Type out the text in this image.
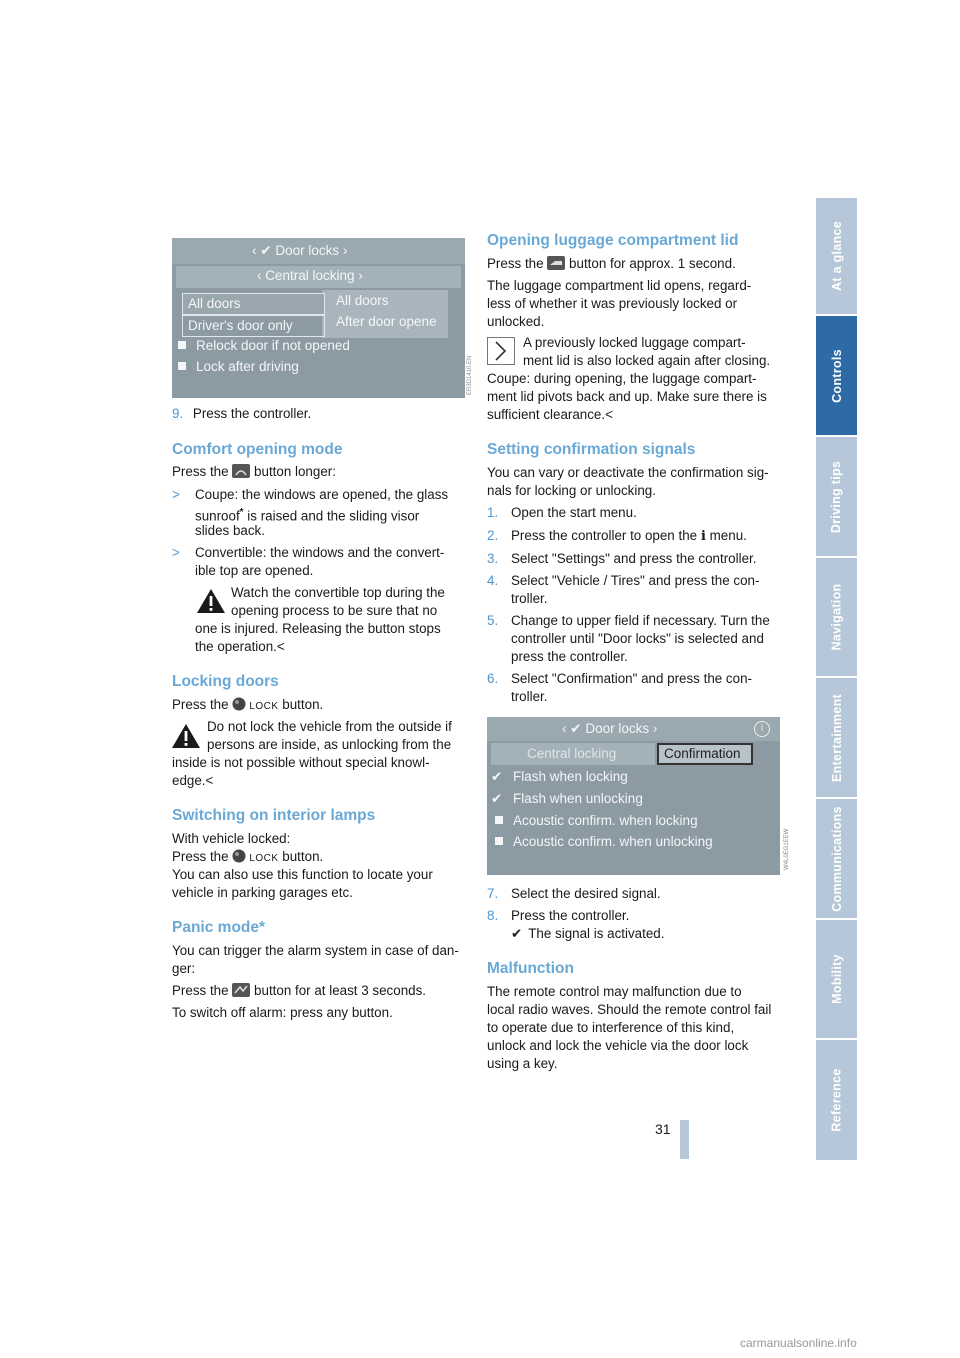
At a glance
Controls
Driving tips
Navigation
Entertainment
Communications
Mobility
Reference
‹ ✔ Door locks ›
‹ Central locking ›
All doors
Driver's door only
All doors
After door opene
Relock door if not opened
Lock after driving	ER3D1410.EN
9. Press the controller.
Comfort opening mode
Press the button longer:
> Coupe: the windows are opened, the glass
sunroof* is raised and the sliding visor
slides back.
> Convertible: the windows and the convert-
ible top are opened.
Watch the convertible top during the
opening process to be sure that no
one is injured. Releasing the button stops
the operation.<
Locking doors
Press the LOCK button.
Do not lock the vehicle from the outside if
persons are inside, as unlocking from the
inside is not possible without special knowl-
edge.<
Switching on interior lamps
With vehicle locked:
Press the LOCK button.
You can also use this function to locate your
vehicle in parking garages etc.
Panic mode*
You can trigger the alarm system in case of dan-
ger:
Press the button for at least 3 seconds.
To switch off alarm: press any button.
Opening luggage compartment lid
Press the button for approx. 1 second.
The luggage compartment lid opens, regard-
less of whether it was previously locked or
unlocked.
A previously locked luggage compart-
ment lid is also locked again after closing.
Coupe: during opening, the luggage compart-
ment lid pivots back and up. Make sure there is
sufficient clearance.<
Setting confirmation signals
You can vary or deactivate the confirmation sig-
nals for locking or unlocking.
1. Open the start menu.
2. Press the controller to open the i menu.
3. Select "Settings" and press the controller.
4. Select "Vehicle / Tires" and press the con-
troller.
5. Change to upper field if necessary. Turn the
controller until "Door locks" is selected and
press the controller.
6. Select "Confirmation" and press the con-
troller.
‹ ✔ Door locks ›	i
Central locking	Confirmation
✔ Flash when locking
✔ Flash when unlocking
Acoustic confirm. when locking
Acoustic confirm. when unlocking	W4L0EG1EEW
7. Select the desired signal.
8. Press the controller.
✔ The signal is activated.
Malfunction
The remote control may malfunction due to
local radio waves. Should the remote control fail
to operate due to interference of this kind,
unlock and lock the vehicle via the door lock
using a key.
31
carmanualsonline.info
